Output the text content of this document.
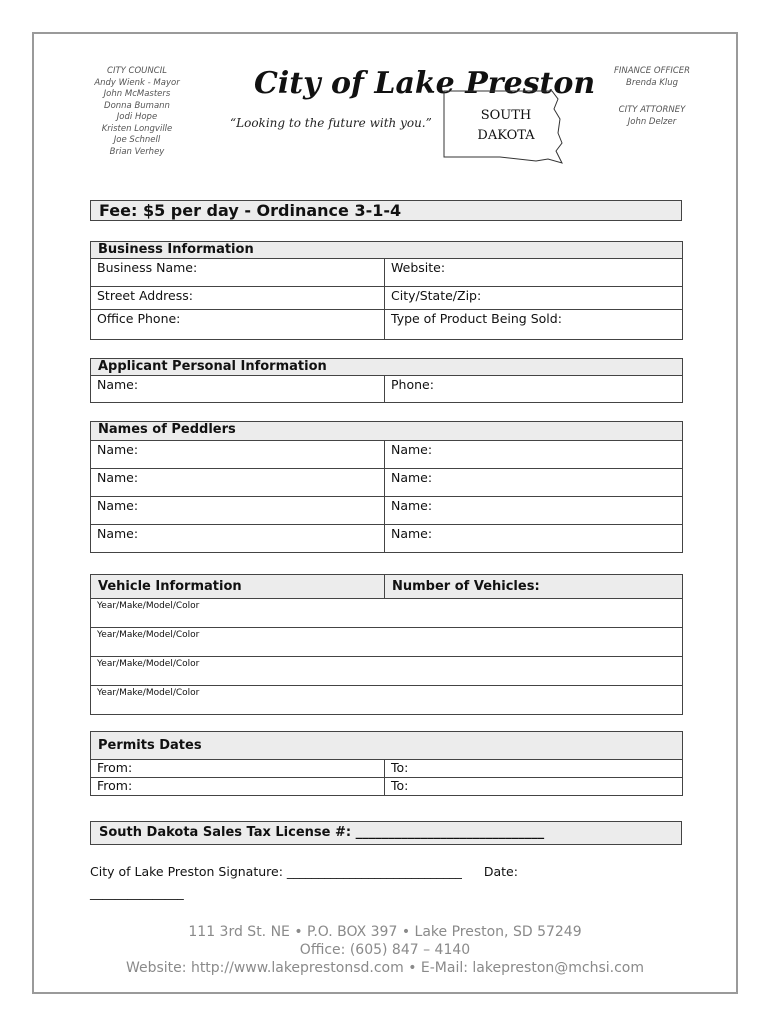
CITY COUNCIL
Andy Wienk - Mayor
John McMasters
Donna Bumann
Jodi Hope
Kristen Longville
Joe Schnell
Brian Verhey
City of Lake Preston
“Looking to the future with you.”	SOUTH
DAKOTA
FINANCE OFFICER
Brenda Klug
CITY ATTORNEY
John Delzer
Fee: $5 per day - Ordinance 3-1-4
Business Information	
Business Name:	Website:
Street Address:	City/State/Zip:
Office Phone:	Type of Product Being Sold:
Applicant Personal Information
Name:	Phone:
Names of Peddlers	
Name:	Name:
Name:	Name:
Name:	Name:
Name:	Name:
Vehicle Information	Number of Vehicles:
Year/Make/Model/Color
Year/Make/Model/Color
Year/Make/Model/Color
Year/Make/Model/Color
Permits Dates	
From:	To:
From:	To:
South Dakota Sales Tax License #: _____________________________
City of Lake Preston Signature: ____________________________ Date:
_______________
111 3rd St. NE • P.O. BOX 397 • Lake Preston, SD 57249
Office: (605) 847 – 4140
Website: http://www.lakeprestonsd.com • E-Mail: lakepreston@mchsi.com
